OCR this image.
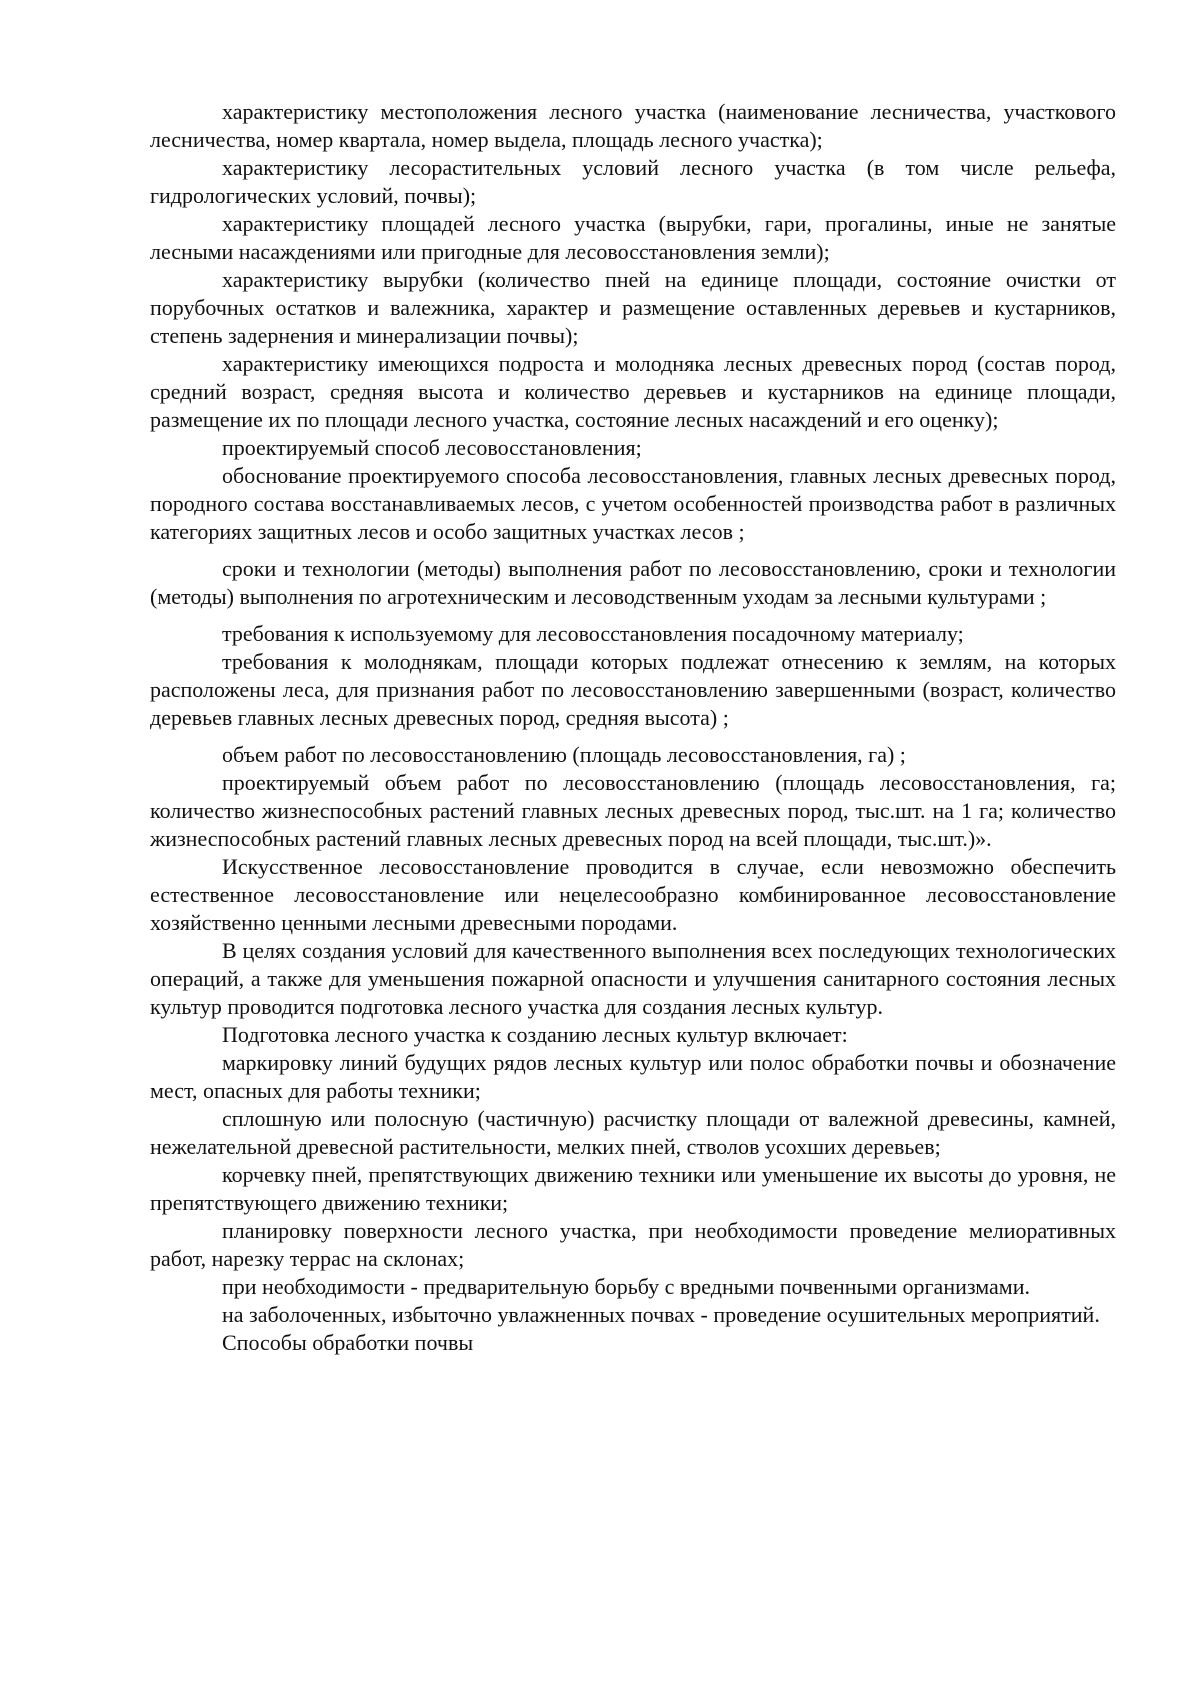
характеристику местоположения лесного участка (наименование лесничества, участкового лесничества, номер квартала, номер выдела, площадь лесного участка);

характеристику лесорастительных условий лесного участка (в том числе рельефа, гидрологических условий, почвы);

характеристику площадей лесного участка (вырубки, гари, прогалины, иные не занятые лесными насаждениями или пригодные для лесовосстановления земли);

характеристику вырубки (количество пней на единице площади, состояние очистки от порубочных остатков и валежника, характер и размещение оставленных деревьев и кустарников, степень задернения и минерализации почвы);

характеристику имеющихся подроста и молодняка лесных древесных пород (состав пород, средний возраст, средняя высота и количество деревьев и кустарников на единице площади, размещение их по площади лесного участка, состояние лесных насаждений и его оценку);

проектируемый способ лесовосстановления;

обоснование проектируемого способа лесовосстановления, главных лесных древесных пород, породного состава восстанавливаемых лесов, с учетом особенностей производства работ в различных категориях защитных лесов и особо защитных участках лесов ;

сроки и технологии (методы) выполнения работ по лесовосстановлению, сроки и технологии (методы) выполнения по агротехническим и лесоводственным уходам за лесными культурами ;

требования к используемому для лесовосстановления посадочному материалу;

требования к молоднякам, площади которых подлежат отнесению к землям, на которых расположены леса, для признания работ по лесовосстановлению завершенными (возраст, количество деревьев главных лесных древесных пород, средняя высота) ;

объем работ по лесовосстановлению (площадь лесовосстановления, га) ;

проектируемый объем работ по лесовосстановлению (площадь лесовосстановления, га; количество жизнеспособных растений главных лесных древесных пород, тыс.шт. на 1 га; количество жизнеспособных растений главных лесных древесных пород на всей площади, тыс.шт.)».

Искусственное лесовосстановление проводится в случае, если невозможно обеспечить естественное лесовосстановление или нецелесообразно комбинированное лесовосстановление хозяйственно ценными лесными древесными породами.

В целях создания условий для качественного выполнения всех последующих технологических операций, а также для уменьшения пожарной опасности и улучшения санитарного состояния лесных культур проводится подготовка лесного участка для создания лесных культур.

Подготовка лесного участка к созданию лесных культур включает:

маркировку линий будущих рядов лесных культур или полос обработки почвы и обозначение мест, опасных для работы техники;

сплошную или полосную (частичную) расчистку площади от валежной древесины, камней, нежелательной древесной растительности, мелких пней, стволов усохших деревьев;

корчевку пней, препятствующих движению техники или уменьшение их высоты до уровня, не препятствующего движению техники;

планировку поверхности лесного участка, при необходимости проведение мелиоративных работ, нарезку террас на склонах;

при необходимости - предварительную борьбу с вредными почвенными организмами.

на заболоченных, избыточно увлажненных почвах - проведение осушительных мероприятий.

Способы обработки почвы
